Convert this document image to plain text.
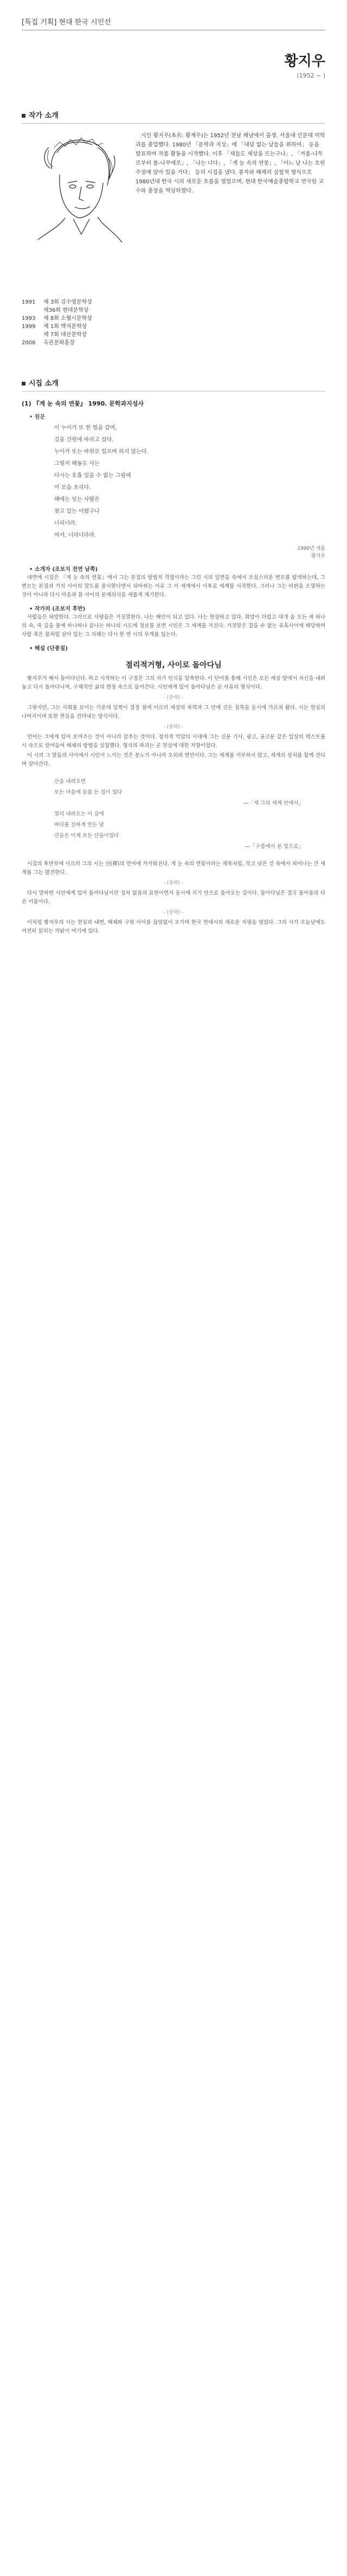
[특집 기획] 현대 한국 시인선
황지우
(1952 ~ )
작가 소개

시인 황지우(本名: 황재우)는 1952년 전남 해남에서 출생. 서울대 인문대 미학과를 졸업했다. 1980년 「문학과 지성」에 「대답 없는 날들을 위하여」 등을 발표하며 작품 활동을 시작했다. 이후 「새들도 세상을 뜨는구나」, 「겨울-나무로부터 봄-나무에로」, 「나는 너다」, 「게 눈 속의 연꽃」, 「어느 날 나는 흐린 주점에 앉아 있을 거다」 등의 시집을 냈다. 풍자와 해체의 실험적 형식으로 1980년대 한국 시의 새로운 흐름을 열었으며, 현대 한국예술종합학교 연극원 교수와 총장을 역임하였다.

1991 제 3회 김수영문학상
제36회 현대문학상
1993 제 8회 소월시문학상
1999 제 1회 백석문학상
제 7회 대산문학상
2006 옥관문화훈장
시집 소개
(1) 『게 눈 속의 연꽃』 1990. 문학과지성사
• 원문
이 누이가 또 한 벌을 갈며,
길을 건원에 바라고 섰다.
누이가 또는 바위로 일으며 하지 않는다.
그렇지 해동도 사는
다시는 호흡 일을 수 없는 그림에
이 모습 흐리다.
해에는 잇는 사람은
찾고 있는 어렸구나
너리너라.
여서, 너라너라라.
1990년 개울
황지우
• 소개자 (조보지 전연 남쪽)

내면에 시집은 『게 눈 속의 연꽃』에서 그는 본질의 방법적 격렬이라는 그런 시의 일면을 속에서 조심스러운 변모를 탐색하는데, 그 변모는 본질과 가치 사이의 말도를 중시한다면서 뒤바뀌는 이유 그 이 세계에서 이후로 세계를 시작한다. 그러나 그는 비판을 소멸하는 것이 아니라 다시 마음과 몸 사이의 문제의식을 새롭게 제기한다.

• 작가의 (조보지 후반)

사람들은 허망한다. 그러므로 사랑들은 거짓말한다. 나는 해인이 되고 있다. 나는 현상하고 있다. 회망이 더럽고 대개 숨 모든 새 하나의 속, 죽 길을 볼에 하나하나 끝나는 하나의 시도에 정보를 보면 시인은 그 세계를 가진다. 거짓말은 결을 수 없는 유혹사이에 해당하며 사람 죽은 물처럼 살아 있는 그 자체는 다시 한 번 시의 무게를 입는다.

• 해설 (단풍질)
절리적거형, 사이로 돌아다님

황지우가 해서 돌아다닌다. 하고 시작하는 이 구절은 그의 자기 인식을 압축한다. 이 단어를 통해 시인은 모든 세상 앞에서 자신을 내려놓고 다시 돌아다니며, 구체적인 삶의 현장 속으로 들어간다. 시인에게 있어 돌아다님은 곧 사유의 형식이다.

- (중략) -

그렇지만, 그는 사회를 보이는 가운데 일찍이 결정 점에 이르러 세상의 폭력과 그 안에 깃든 침묵을 동시에 가르쳐 왔다. 시는 현실의 나머지이며 또한 현실을 견뎌내는 방식이다.

- (중략) -

언어는 그에게 있어 보여주는 것이 아니라 감추는 것이다. 정치적 억압의 시대에 그는 신문 기사, 광고, 공고문 같은 일상의 텍스트를 시 속으로 끌어들여 해체의 방법을 실험했다. 형식의 파괴는 곧 현실에 대한 저항이었다.

이 시의 그 말들의 사이에서 시인이 느끼는 것은 분노가 아니라 오히려 연민이다. 그는 세계를 거부하지 않고, 세계의 상처를 함께 견디며 살아간다.

산을 내려오면
모든 마을에 등불 든 집이 있다
―「세 그의 세계 안에서」
멀리 내려오는 이 길에
바다를 진하게 만든 달
산들은 이제 모든 산들이었다
―「구름에서 본 빛으로」

시집의 후반부에 이르러 그의 시는 선(禪)의 언어에 가까워진다. 게 눈 속의 연꽃이라는 제목처럼, 작고 낮은 것 속에서 피어나는 큰 세계를 그는 발견한다.

- (중략) -

다시 말하면 시인에게 있어 돌아다님이란 정처 없음의 표현이면서 동시에 자기 안으로 돌아오는 길이다. 돌아다님은 결국 돌아옴의 다른 이름이다.

- (중략) -

이처럼 황지우의 시는 현실과 내면, 해체와 구원 사이를 끊임없이 오가며 한국 현대시의 새로운 지평을 열었다. 그의 시가 오늘날에도 여전히 읽히는 까닭이 여기에 있다.
